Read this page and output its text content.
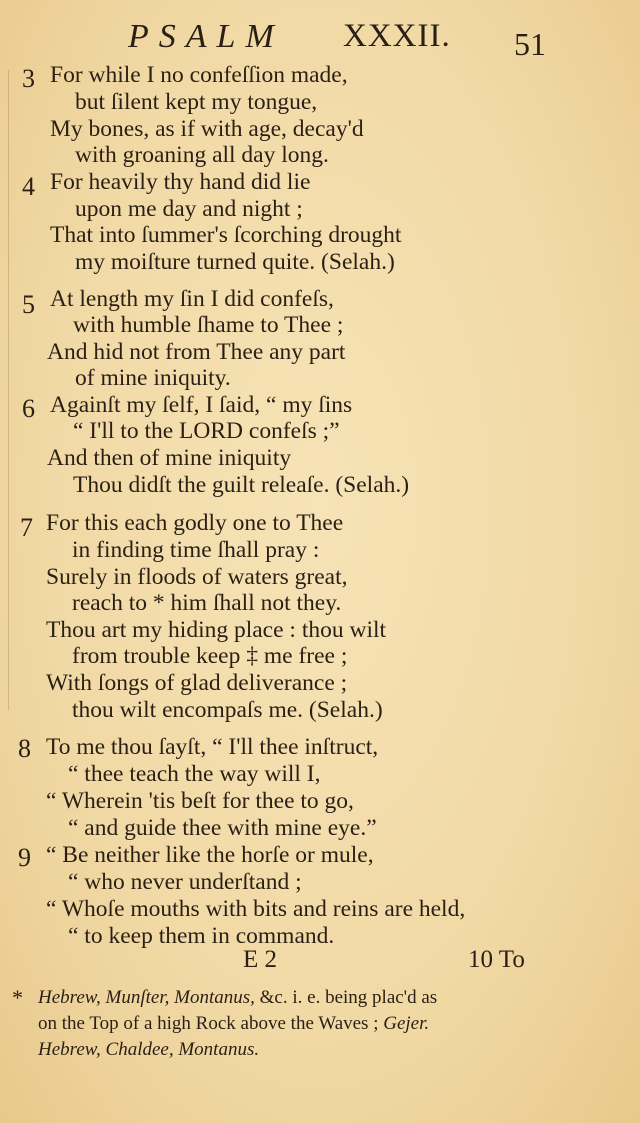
PSALM XXXII. 51
3 For while I no confeſſion made,
but ſilent kept my tongue,
My bones, as if with age, decay'd
with groaning all day long.
4 For heavily thy hand did lie
upon me day and night ;
That into ſummer's ſcorching drought
my moiſture turned quite. (Selah.)
5 At length my ſin I did confeſs,
with humble ſhame to Thee ;
And hid not from Thee any part
of mine iniquity.
6 Againſt my ſelf, I ſaid, “ my ſins
“ I'll to the LORD confeſs ;”
And then of mine iniquity
Thou didſt the guilt releaſe. (Selah.)
7 For this each godly one to Thee
in finding time ſhall pray :
Surely in floods of waters great,
reach to * him ſhall not they.
Thou art my hiding place : thou wilt
from trouble keep ‡ me free ;
With ſongs of glad deliverance ;
thou wilt encompaſs me. (Selah.)
8 To me thou ſayſt, “ I'll thee inſtruct,
“ thee teach the way will I,
“ Wherein 'tis beſt for thee to go,
“ and guide thee with mine eye.”
9 “ Be neither like the horſe or mule,
“ who never underſtand ;
“ Whoſe mouths with bits and reins are held,
“ to keep them in command.
E 2	10 To
* Hebrew, Munſter, Montanus, &c. i. e. being plac'd as
on the Top of a high Rock above the Waves ; Gejer.
Hebrew, Chaldee, Montanus.
